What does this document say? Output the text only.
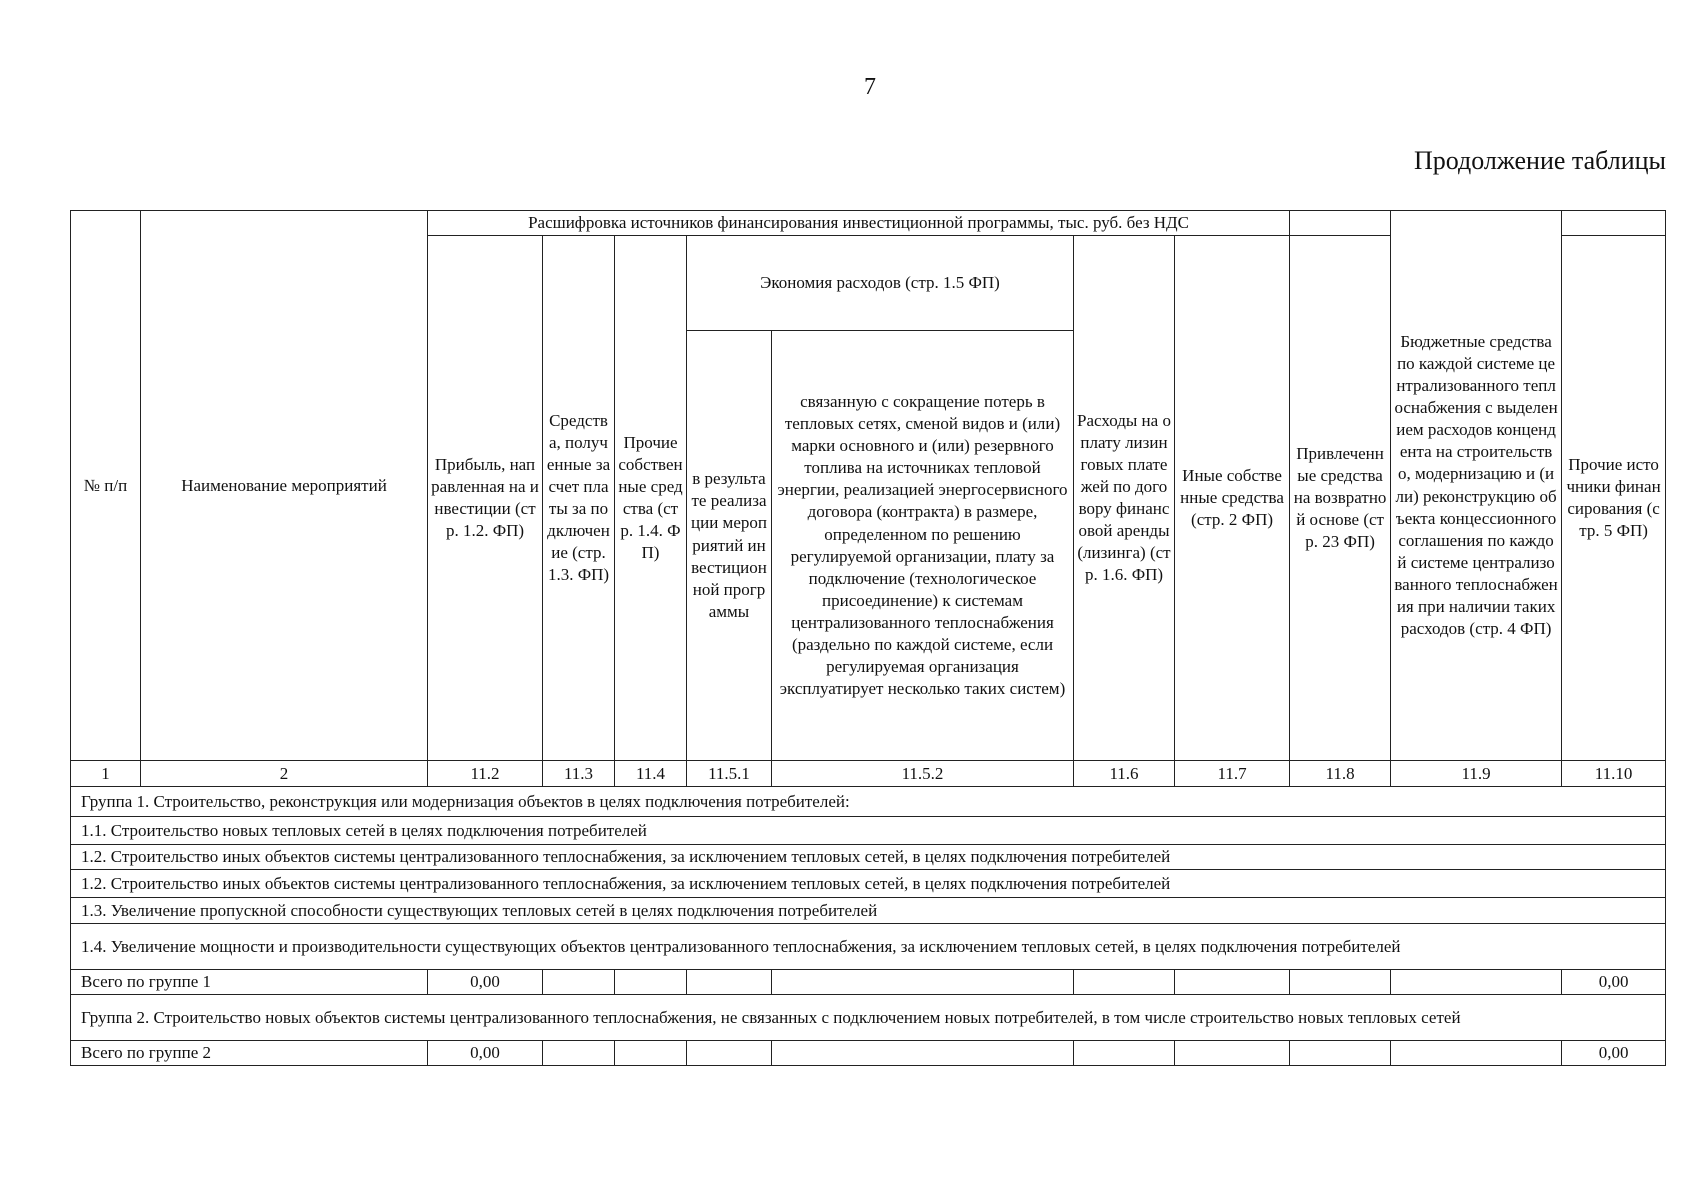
7
Продолжение таблицы
№ п/п	Наименование мероприятий	Расшифровка источников финансирования инвестиционной программы, тыс. руб. без НДС								Бюджетные средства по каждой системе централизованного теплоснабжения с выделением расходов концендента на строительство, модернизацию и (или) реконструкцию объекта концессионного соглашения по каждой системе централизованного теплоснабжения при наличии таких расходов (стр. 4 ФП)	
		Прибыль, направленная на инвестиции (стр. 1.2. ФП)	Средства, полученные за счет платы за подключение (стр. 1.3. ФП)	Прочие собственные средства (стр. 1.4. ФП)	Экономия расходов (стр. 1.5 ФП)		Расходы на оплату лизинговых платежей по договору финансовой аренды (лизинга) (стр. 1.6. ФП)	Иные собственные средства (стр. 2 ФП)	Привлеченные средства на возвратной основе (стр. 23 ФП)		Прочие источники финансирования (стр. 5 ФП)
					в результате реализации мероприятий инвестиционной программы	связанную с сокращение потерь в тепловых сетях, сменой видов и (или) марки основного и (или) резервного топлива на источниках тепловой энергии, реализацией энергосервисного договора (контракта) в размере, определенном по решению регулируемой организации, плату за подключение (технологическое присоединение) к системам централизованного теплоснабжения (раздельно по каждой системе, если регулируемая организация эксплуатирует несколько таких систем)					
1	2	11.2	11.3	11.4	11.5.1	11.5.2	11.6	11.7	11.8	11.9	11.10
Группа 1. Строительство, реконструкция или модернизация объектов в целях подключения потребителей:											
1.1. Строительство новых тепловых сетей в целях подключения потребителей											
1.2. Строительство иных объектов системы централизованного теплоснабжения, за исключением тепловых сетей, в целях подключения потребителей											
1.2. Строительство иных объектов системы централизованного теплоснабжения, за исключением тепловых сетей, в целях подключения потребителей											
1.3. Увеличение пропускной способности существующих тепловых сетей в целях подключения потребителей											
1.4. Увеличение мощности и производительности существующих объектов централизованного теплоснабжения, за исключением тепловых сетей, в целях подключения потребителей											
Всего по группе 1		0,00									0,00
Группа 2. Строительство новых объектов системы централизованного теплоснабжения, не связанных с подключением новых потребителей, в том числе строительство новых тепловых сетей											
Всего по группе 2		0,00									0,00
